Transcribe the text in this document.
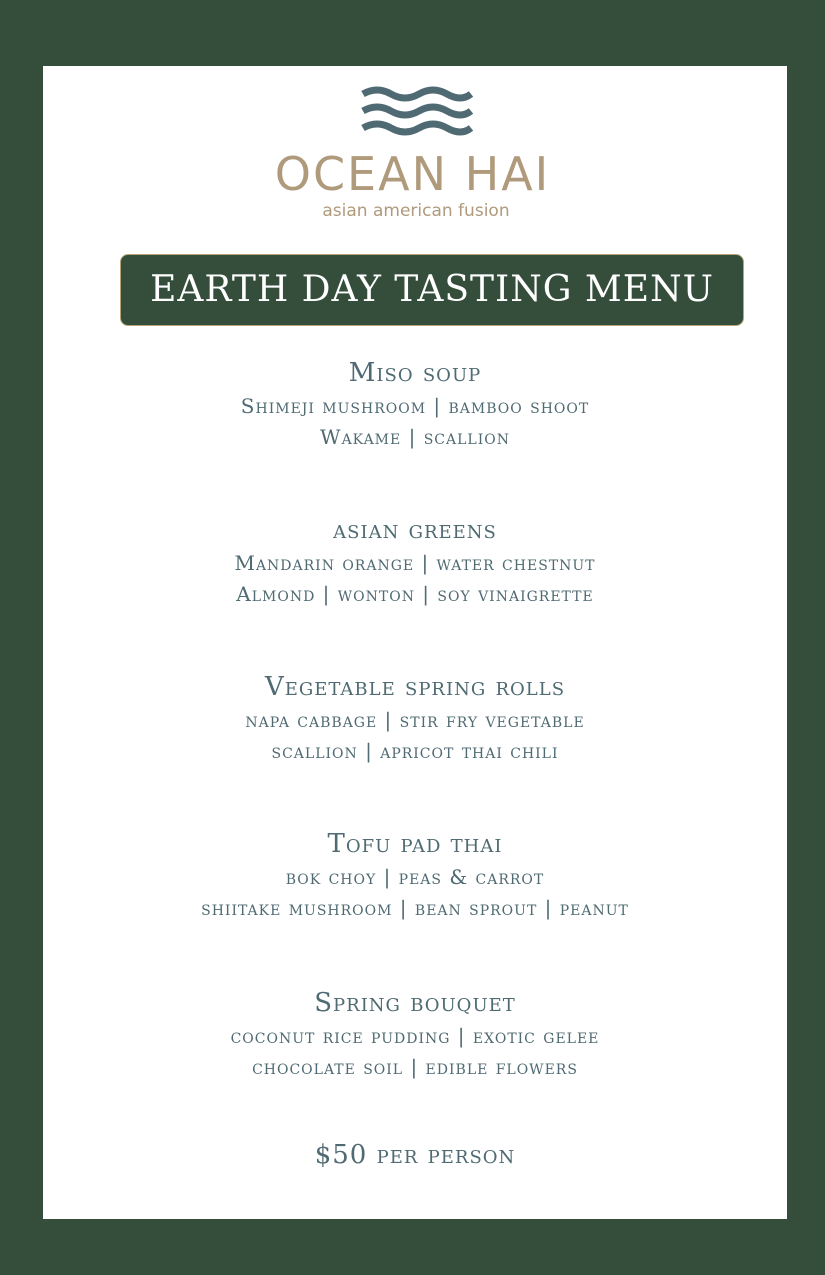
OCEAN HAI
asian american fusion
EARTH DAY TASTING MENU
Miso soup
Shimeji mushroom | bamboo shoot
Wakame | scallion
asian greens
Mandarin orange | water chestnut
Almond | wonton | soy vinaigrette
Vegetable spring rolls
napa cabbage | stir fry vegetable
scallion | apricot thai chili
Tofu pad thai
bok choy | peas & carrot
shiitake mushroom | bean sprout | peanut
Spring bouquet
coconut rice pudding | exotic gelee
chocolate soil | edible flowers
$50 per person
